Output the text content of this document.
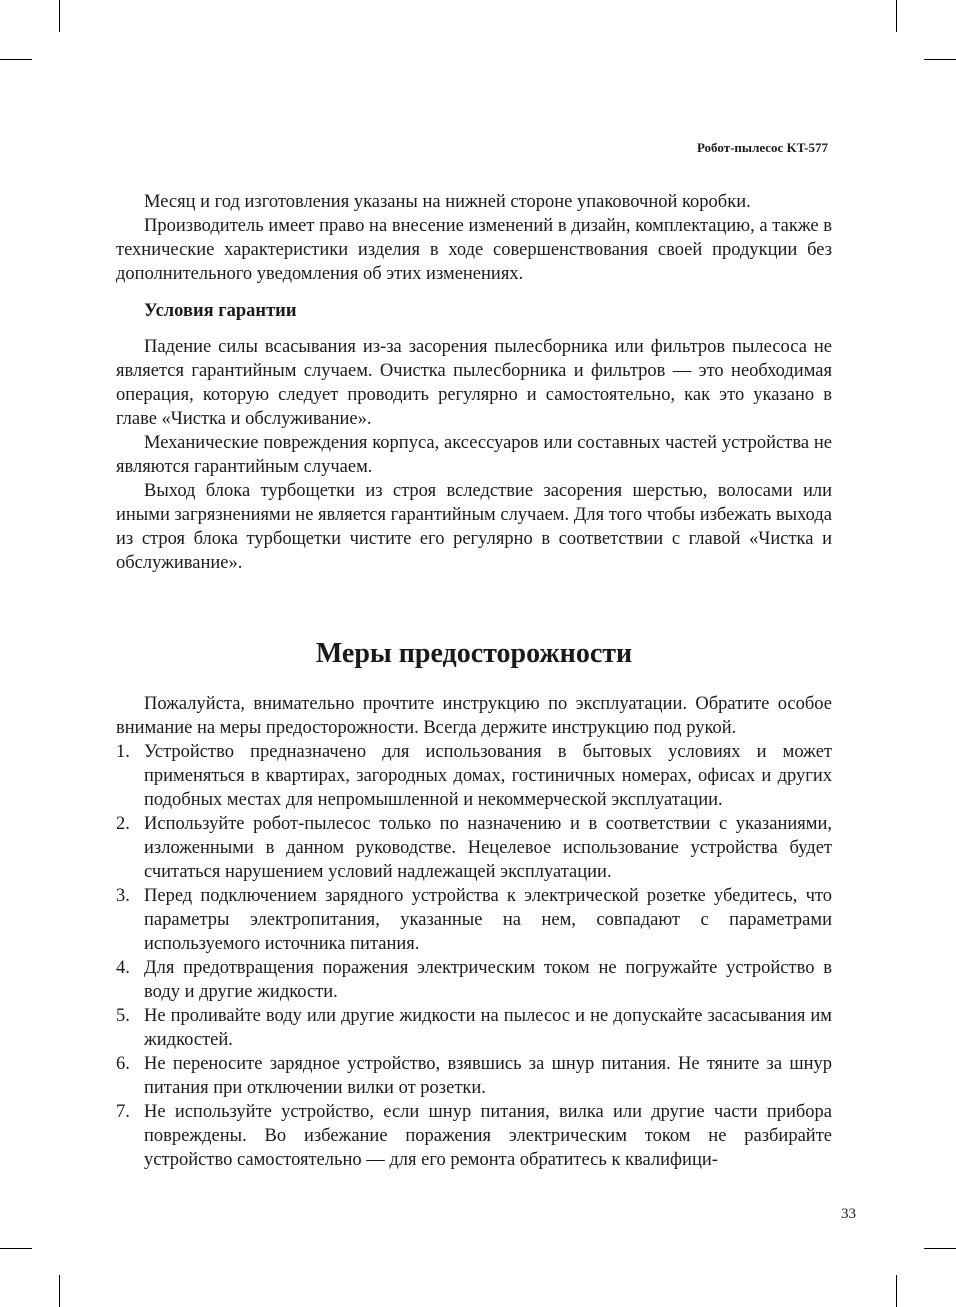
Робот-пылесос KT-577

Месяц и год изготовления указаны на нижней стороне упаковочной коробки.

Производитель имеет право на внесение изменений в дизайн, комплектацию, а также в технические характеристики изделия в ходе совершенствования своей продукции без дополнительного уведомления об этих изменениях.

Условия гарантии

Падение силы всасывания из-за засорения пылесборника или фильтров пылесоса не является гарантийным случаем. Очистка пылесборника и фильтров — это необходимая операция, которую следует проводить регулярно и самостоятельно, как это указано в главе «Чистка и обслуживание».

Механические повреждения корпуса, аксессуаров или составных частей устройства не являются гарантийным случаем.

Выход блока турбощетки из строя вследствие засорения шерстью, волосами или иными загрязнениями не является гарантийным случаем. Для того чтобы избежать выхода из строя блока турбощетки чистите его регулярно в соответствии с главой «Чистка и обслуживание».

Меры предосторожности

Пожалуйста, внимательно прочтите инструкцию по эксплуатации. Обратите особое внимание на меры предосторожности. Всегда держите инструкцию под рукой.

1. Устройство предназначено для использования в бытовых условиях и может применяться в квартирах, загородных домах, гостиничных номерах, офисах и других подобных местах для непромышленной и некоммерческой эксплуатации.
2. Используйте робот-пылесос только по назначению и в соответствии с указаниями, изложенными в данном руководстве. Нецелевое использование устройства будет считаться нарушением условий надлежащей эксплуатации.
3. Перед подключением зарядного устройства к электрической розетке убедитесь, что параметры электропитания, указанные на нем, совпадают с параметрами используемого источника питания.
4. Для предотвращения поражения электрическим током не погружайте устройство в воду и другие жидкости.
5. Не проливайте воду или другие жидкости на пылесос и не допускайте засасывания им жидкостей.
6. Не переносите зарядное устройство, взявшись за шнур питания. Не тяните за шнур питания при отключении вилки от розетки.
7. Не используйте устройство, если шнур питания, вилка или другие части прибора повреждены. Во избежание поражения электрическим током не разбирайте устройство самостоятельно — для его ремонта обратитесь к квалифици-
33
